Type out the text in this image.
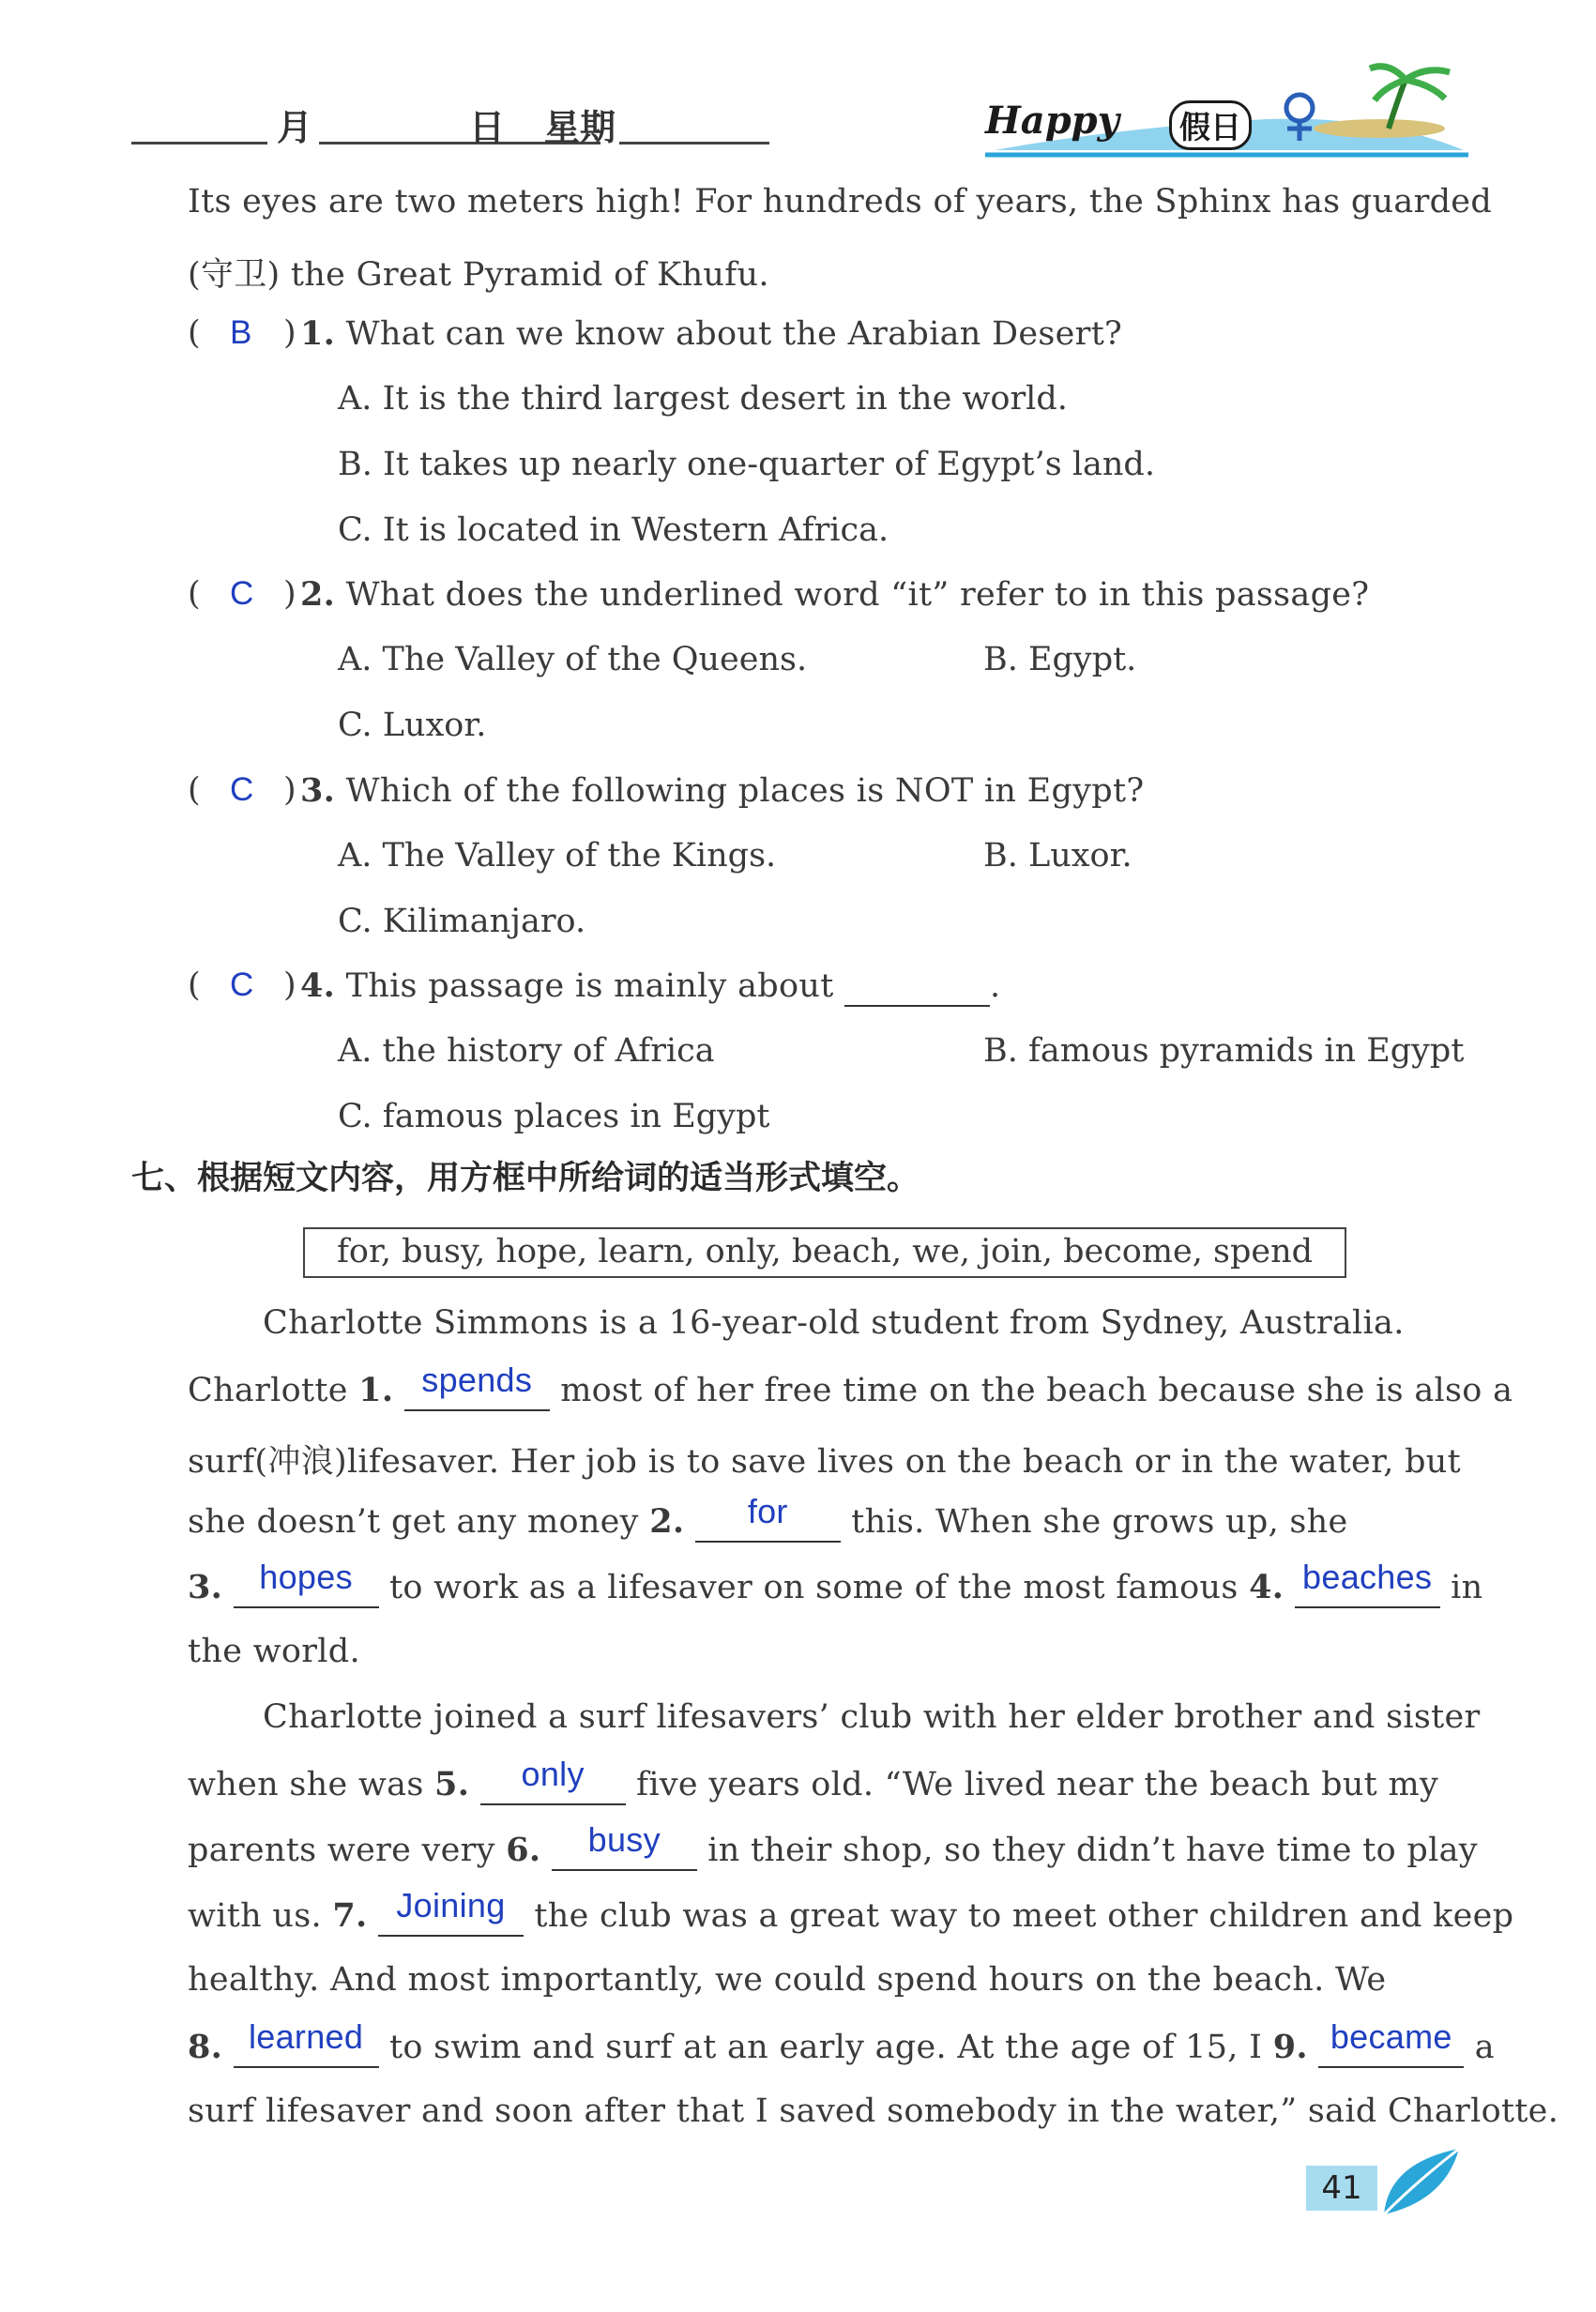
月	日 星期	Happy	假日
Its eyes are two meters high! For hundreds of years, the Sphinx has guarded
(守卫) the Great Pyramid of Khufu.
( B ) 1. What can we know about the Arabian Desert?
A. It is the third largest desert in the world.
B. It takes up nearly one-quarter of Egypt’s land.
C. It is located in Western Africa.
( C ) 2. What does the underlined word “it” refer to in this passage?
A. The Valley of the Queens.	B. Egypt.
C. Luxor.
( C ) 3. Which of the following places is NOT in Egypt?
A. The Valley of the Kings.	B. Luxor.
C. Kilimanjaro.
( C ) 4. This passage is mainly about	.
A. the history of Africa	B. famous pyramids in Egypt
C. famous places in Egypt
七、根据短文内容，用方框中所给词的适当形式填空。
for, busy, hope, learn, only, beach, we, join, become, spend
Charlotte Simmons is a 16-year-old student from Sydney, Australia.
Charlotte 1. spends most of her free time on the beach because she is also a
surf(冲浪)lifesaver. Her job is to save lives on the beach or in the water, but
she doesn’t get any money 2. for this. When she grows up, she
3. hopes to work as a lifesaver on some of the most famous 4. beaches in
the world.
Charlotte joined a surf lifesavers’ club with her elder brother and sister
when she was 5. only five years old. “We lived near the beach but my
parents were very 6. busy in their shop, so they didn’t have time to play
with us. 7. Joining the club was a great way to meet other children and keep
healthy. And most importantly, we could spend hours on the beach. We
8. learned to swim and surf at an early age. At the age of 15, I 9. became a
surf lifesaver and soon after that I saved somebody in the water,” said Charlotte.
41
